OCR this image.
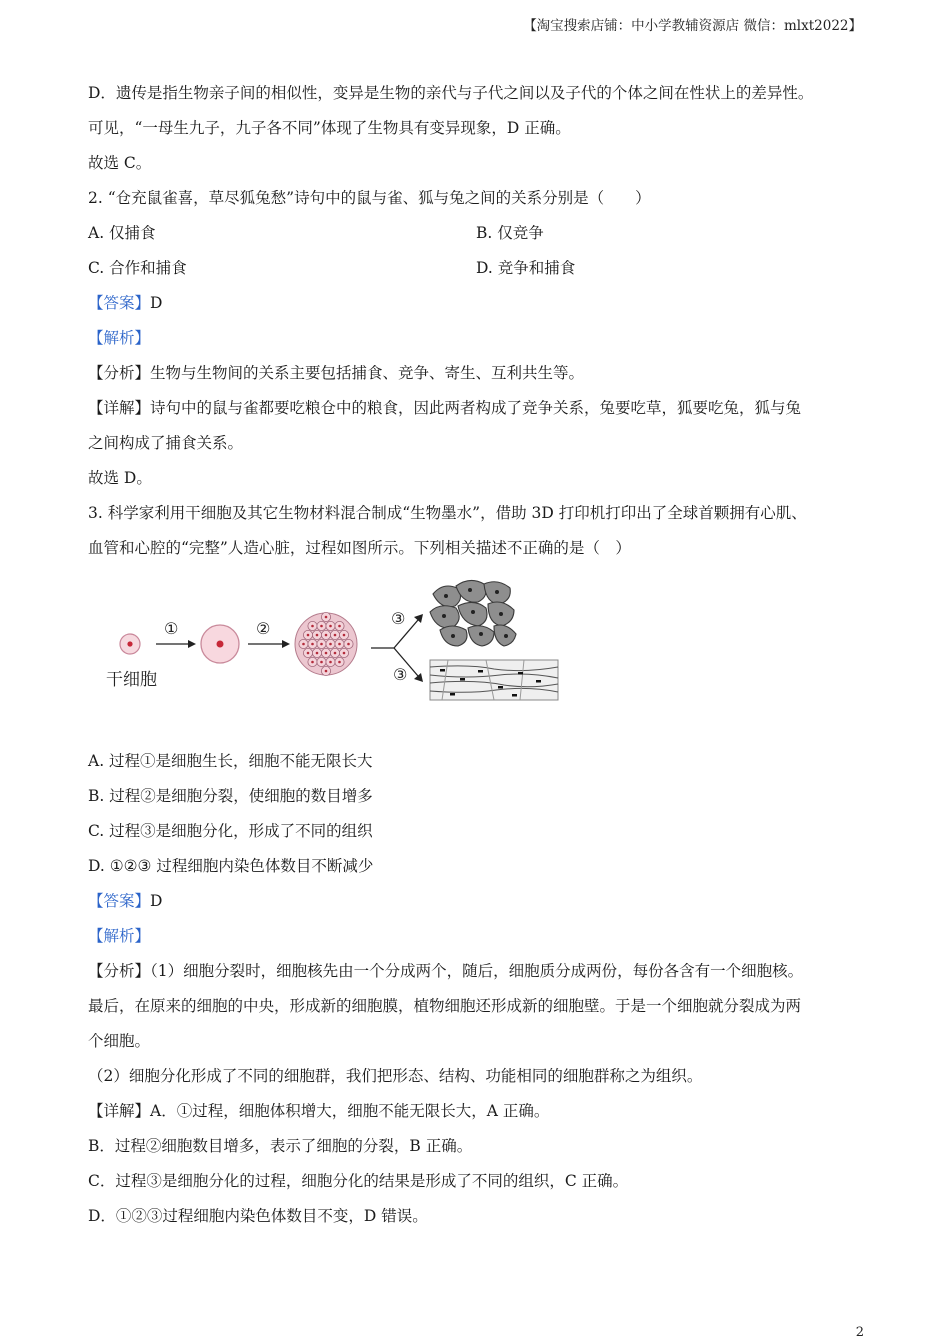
【淘宝搜索店铺：中小学教辅资源店 微信：mlxt2022】
D．遗传是指生物亲子间的相似性，变异是生物的亲代与子代之间以及子代的个体之间在性状上的差异性。
可见，“一母生九子，九子各不同”体现了生物具有变异现象，D 正确。
故选 C。
2. “仓充鼠雀喜，草尽狐兔愁”诗句中的鼠与雀、狐与兔之间的关系分别是（　　）
A. 仅捕食	B. 仅竞争
C. 合作和捕食	D. 竞争和捕食
【答案】D
【解析】
【分析】生物与生物间的关系主要包括捕食、竞争、寄生、互利共生等。
【详解】诗句中的鼠与雀都要吃粮仓中的粮食，因此两者构成了竞争关系，兔要吃草，狐要吃兔，狐与兔
之间构成了捕食关系。
故选 D。
3. 科学家利用干细胞及其它生物材料混合制成“生物墨水”，借助 3D 打印机打印出了全球首颗拥有心肌、
血管和心腔的“完整”人造心脏，过程如图所示。下列相关描述不正确的是（　）
干细胞
①	②
③
③
A. 过程①是细胞生长，细胞不能无限长大
B. 过程②是细胞分裂，使细胞的数目增多
C. 过程③是细胞分化，形成了不同的组织
D. ①②③ 过程细胞内染色体数目不断减少
【答案】D
【解析】
【分析】（1）细胞分裂时，细胞核先由一个分成两个，随后，细胞质分成两份，每份各含有一个细胞核。
最后，在原来的细胞的中央，形成新的细胞膜，植物细胞还形成新的细胞壁。于是一个细胞就分裂成为两
个细胞。
（2）细胞分化形成了不同的细胞群，我们把形态、结构、功能相同的细胞群称之为组织。
【详解】A．①过程，细胞体积增大，细胞不能无限长大，A 正确。
B．过程②细胞数目增多，表示了细胞的分裂，B 正确。
C．过程③是细胞分化的过程，细胞分化的结果是形成了不同的组织，C 正确。
D．①②③过程细胞内染色体数目不变，D 错误。
2
